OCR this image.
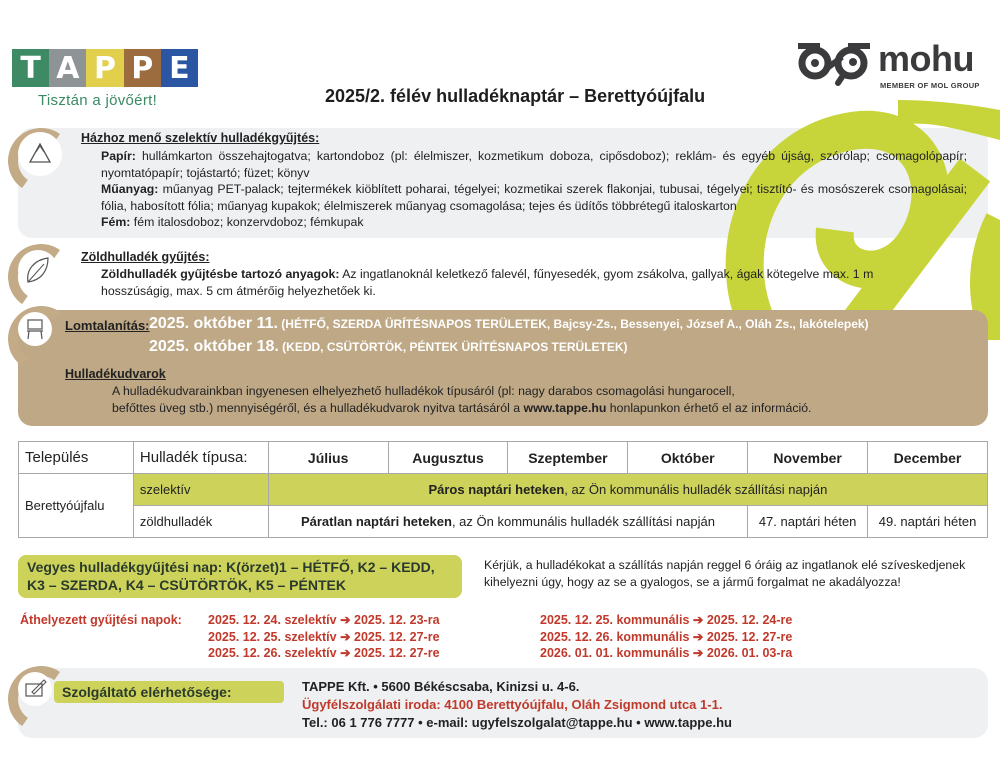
T A P P E
Tisztán a jövőért!
mohu
MEMBER OF MOL GROUP
2025/2. félév hulladéknaptár – Berettyóújfalu
Házhoz menő szelektív hulladékgyűjtés:
Papír: hullámkarton összehajtogatva; kartondoboz (pl: élelmiszer, kozmetikum doboza, cipősdoboz); reklám- és egyéb újság, szórólap; csomagolópapír; nyomtatópapír; tojástartó; füzet; könyv
Műanyag: műanyag PET-palack; tejtermékek kiöblített poharai, tégelyei; kozmetikai szerek flakonjai, tubusai, tégelyei; tisztító- és mosószerek csomagolásai; fólia, habosított fólia; műanyag kupakok; élelmiszerek műanyag csomagolása; tejes és üdítős többrétegű italoskarton
Fém: fém italosdoboz; konzervdoboz; fémkupak
Zöldhulladék gyűjtés:
Zöldhulladék gyűjtésbe tartozó anyagok: Az ingatlanoknál keletkező falevél, fűnyesedék, gyom zsákolva, gallyak, ágak kötegelve max. 1 m hosszúságig, max. 5 cm átmérőig helyezhetőek ki.
Lomtalanítás: 2025. október 11. (HÉTFŐ, SZERDA ÜRÍTÉSNAPOS TERÜLETEK, Bajcsy-Zs., Bessenyei, József A., Oláh Zs., lakótelepek)
2025. október 18. (KEDD, CSÜTÖRTÖK, PÉNTEK ÜRÍTÉSNAPOS TERÜLETEK)
Hulladékudvarok
A hulladékudvarainkban ingyenesen elhelyezhető hulladékok típusáról (pl: nagy darabos csomagolási hungarocell,
befőttes üveg stb.) mennyiségéről, és a hulladékudvarok nyitva tartásáról a www.tappe.hu honlapunkon érhető el az információ.
Település	Hulladék típusa:	Július	Augusztus	Szeptember	Október	November	December
Berettyóújfalu	szelektív	Páros naptári heteken, az Ön kommunális hulladék szállítási napján					
	zöldhulladék	Páratlan naptári heteken, az Ön kommunális hulladék szállítási napján				47. naptári héten	49. naptári héten
Vegyes hulladékgyűjtési nap: K(örzet)1 – HÉTFŐ, K2 – KEDD,
K3 – SZERDA, K4 – CSÜTÖRTÖK, K5 – PÉNTEK
Kérjük, a hulladékokat a szállítás napján reggel 6 óráig az ingatlanok elé szíveskedjenek kihelyezni úgy, hogy az se a gyalogos, se a jármű forgalmat ne akadályozza!
Áthelyezett gyűjtési napok: 2025. 12. 24. szelektív ➔ 2025. 12. 23-ra
2025. 12. 25. szelektív ➔ 2025. 12. 27-re
2025. 12. 26. szelektív ➔ 2025. 12. 27-re
2025. 12. 25. kommunális ➔ 2025. 12. 24-re
2025. 12. 26. kommunális ➔ 2025. 12. 27-re
2026. 01. 01. kommunális ➔ 2026. 01. 03-ra
Szolgáltató elérhetősége:	TAPPE Kft. • 5600 Békéscsaba, Kinizsi u. 4-6.
Ügyfélszolgálati iroda: 4100 Berettyóújfalu, Oláh Zsigmond utca 1-1.
Tel.: 06 1 776 7777 • e-mail: ugyfelszolgalat@tappe.hu • www.tappe.hu
